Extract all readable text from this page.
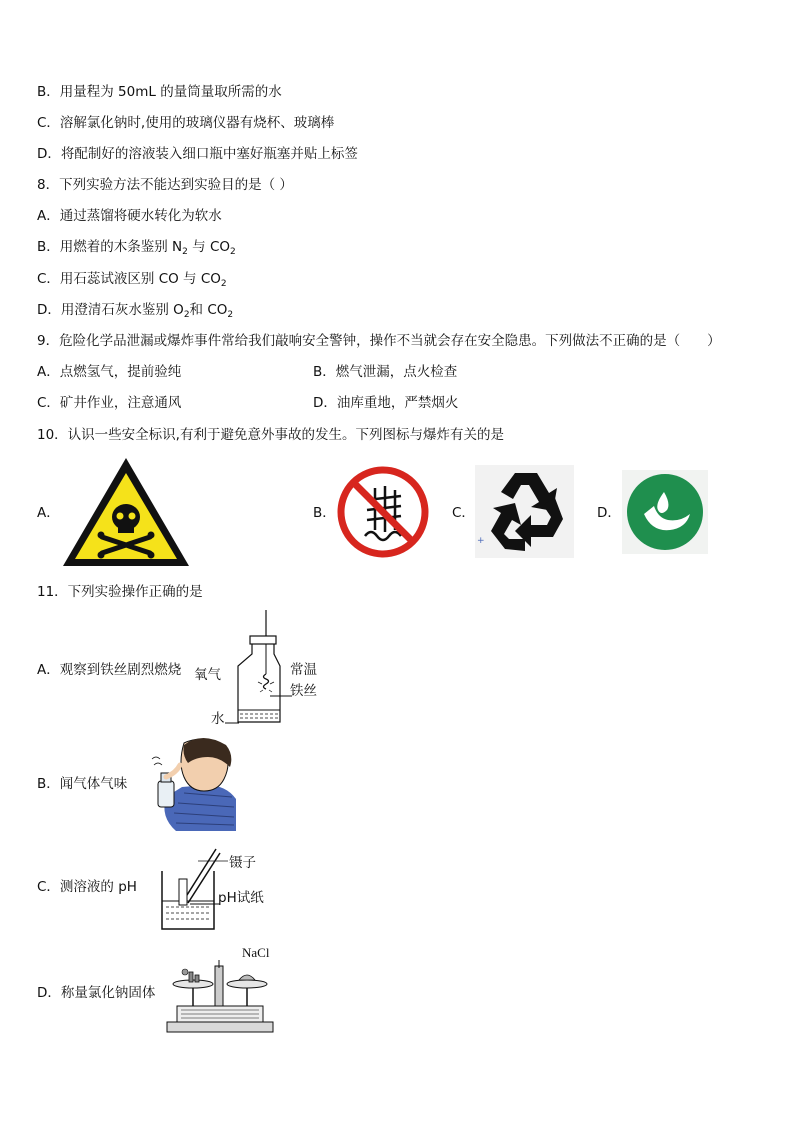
B．用量程为 50mL 的量筒量取所需的水
C．溶解氯化钠时,使用的玻璃仪器有烧杯、玻璃棒
D．将配制好的溶液装入细口瓶中塞好瓶塞并贴上标签
8．下列实验方法不能达到实验目的是（ ）
A．通过蒸馏将硬水转化为软水
B．用燃着的木条鉴别 $N_2$ 与 $CO_2$
C．用石蕊试液区别 CO 与 $CO_2$
D．用澄清石灰水鉴别 $O_2$和 $CO_2$
9．危险化学品泄漏或爆炸事件常给我们敲响安全警钟，操作不当就会存在安全隐患。下列做法不正确的是（　　）
A．点燃氢气，提前验纯	B．燃气泄漏，点火检查
C．矿井作业，注意通风	D．油库重地，严禁烟火
10．认识一些安全标识,有利于避免意外事故的发生。下列图标与爆炸有关的是
A．	B．	C．
+
D．
11．下列实验操作正确的是
A．观察到铁丝剧烈燃烧 氧气	常温
铁丝
水
B．闻气体气味
C．测溶液的 pH
镊子
pH试纸
D．称量氯化钠固体
NaCl
